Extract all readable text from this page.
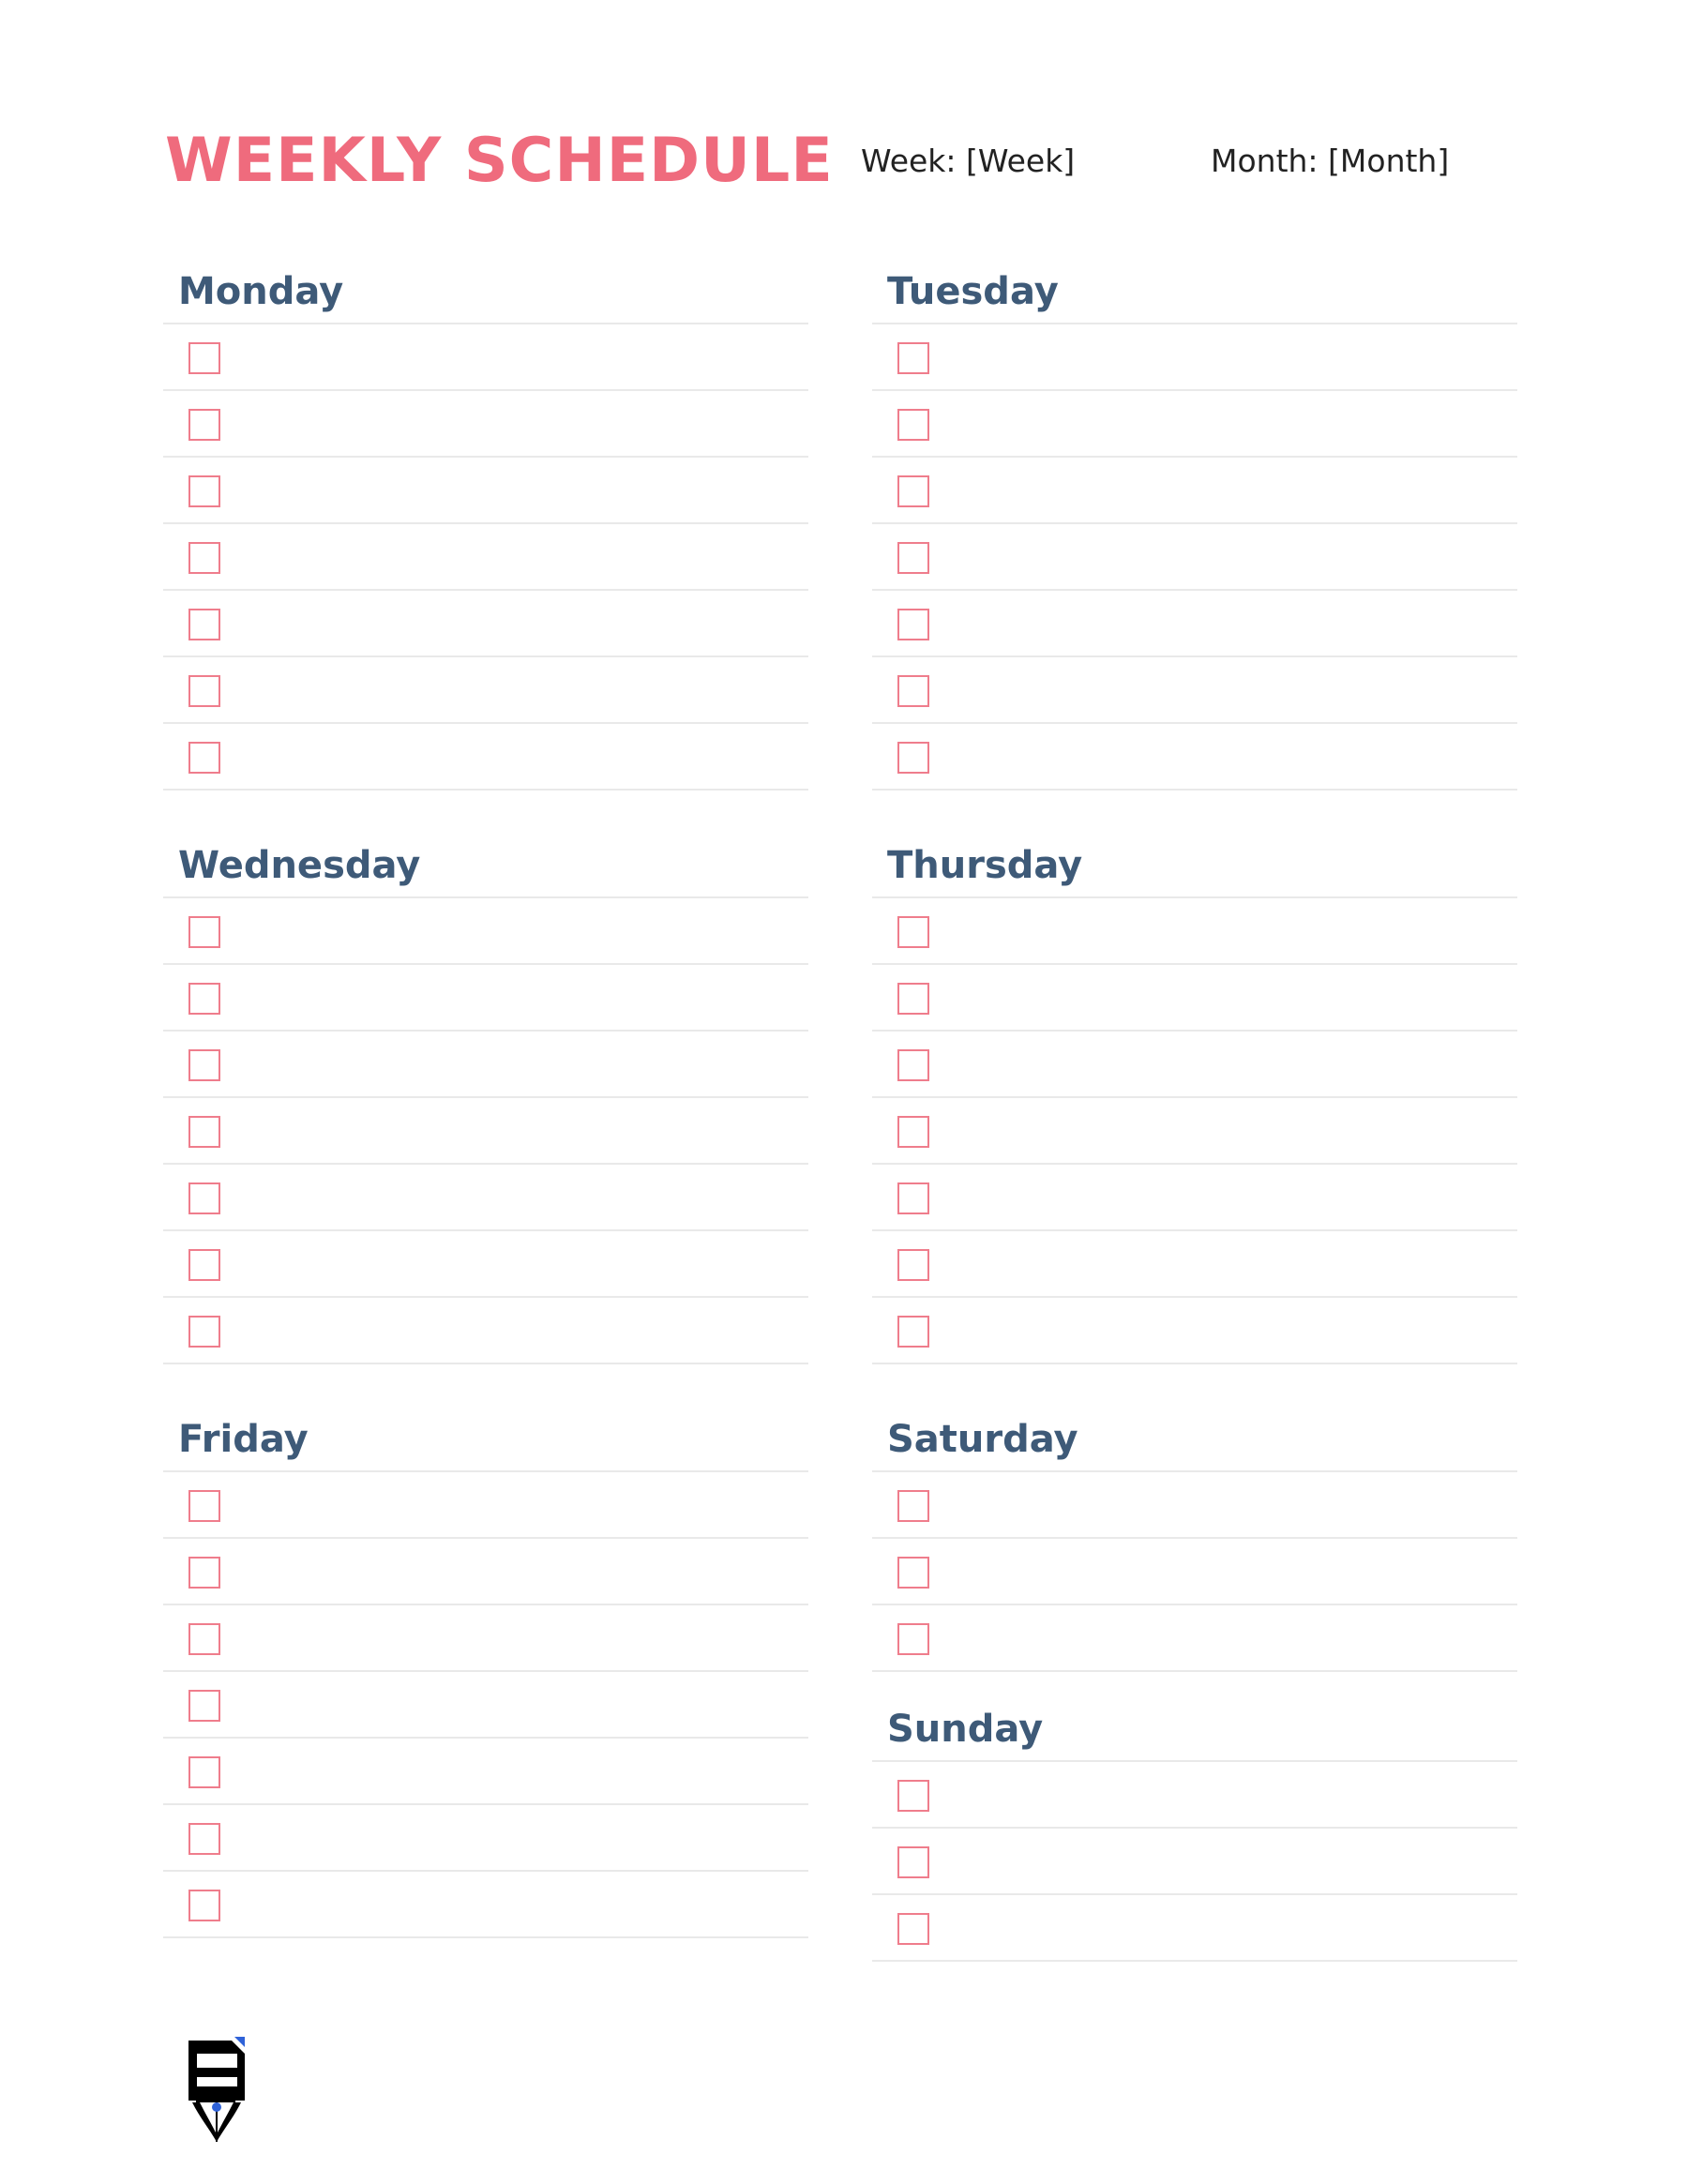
WEEKLY SCHEDULE Week: [Week]	Month: [Month]
Monday	Tuesday
Wednesday	Thursday
Friday	Saturday
Sunday
